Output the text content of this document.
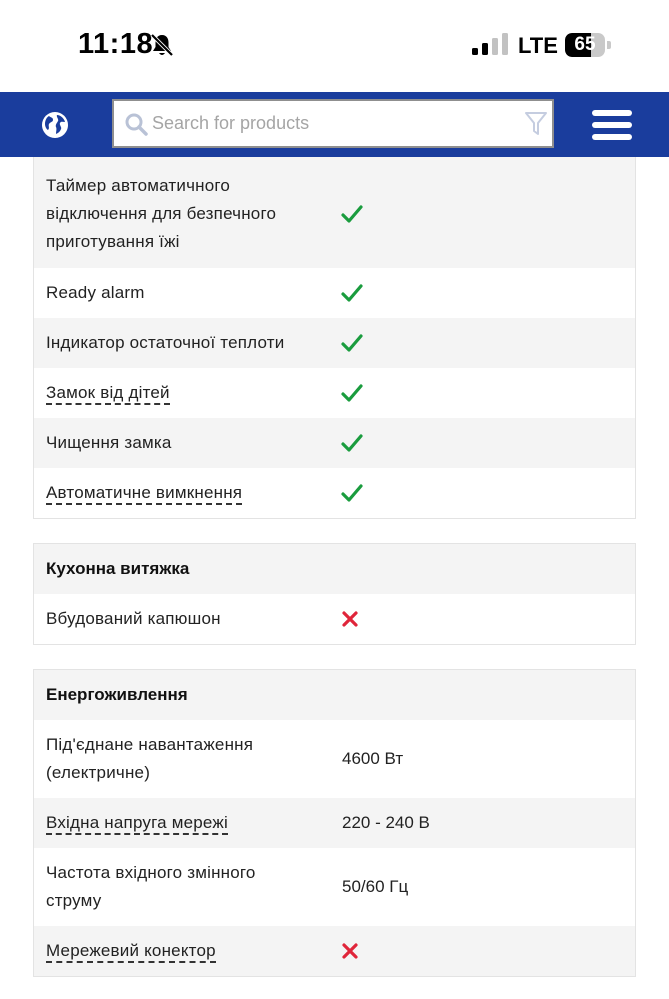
11:18	LTE 65
Search for products
Таймер автоматичного
відключення для безпечного
приготування їжі
Ready alarm
Індикатор остаточної теплоти
Замок від дітей
Чищення замка
Автоматичне вимкнення
Кухонна витяжка
Вбудований капюшон
Енергоживлення
Під'єднане навантаження
(електричне)
4600 Вт
Вхідна напруга мережі	220 - 240 В
Частота вхідного змінного
струму
50/60 Гц
Мережевий конектор
